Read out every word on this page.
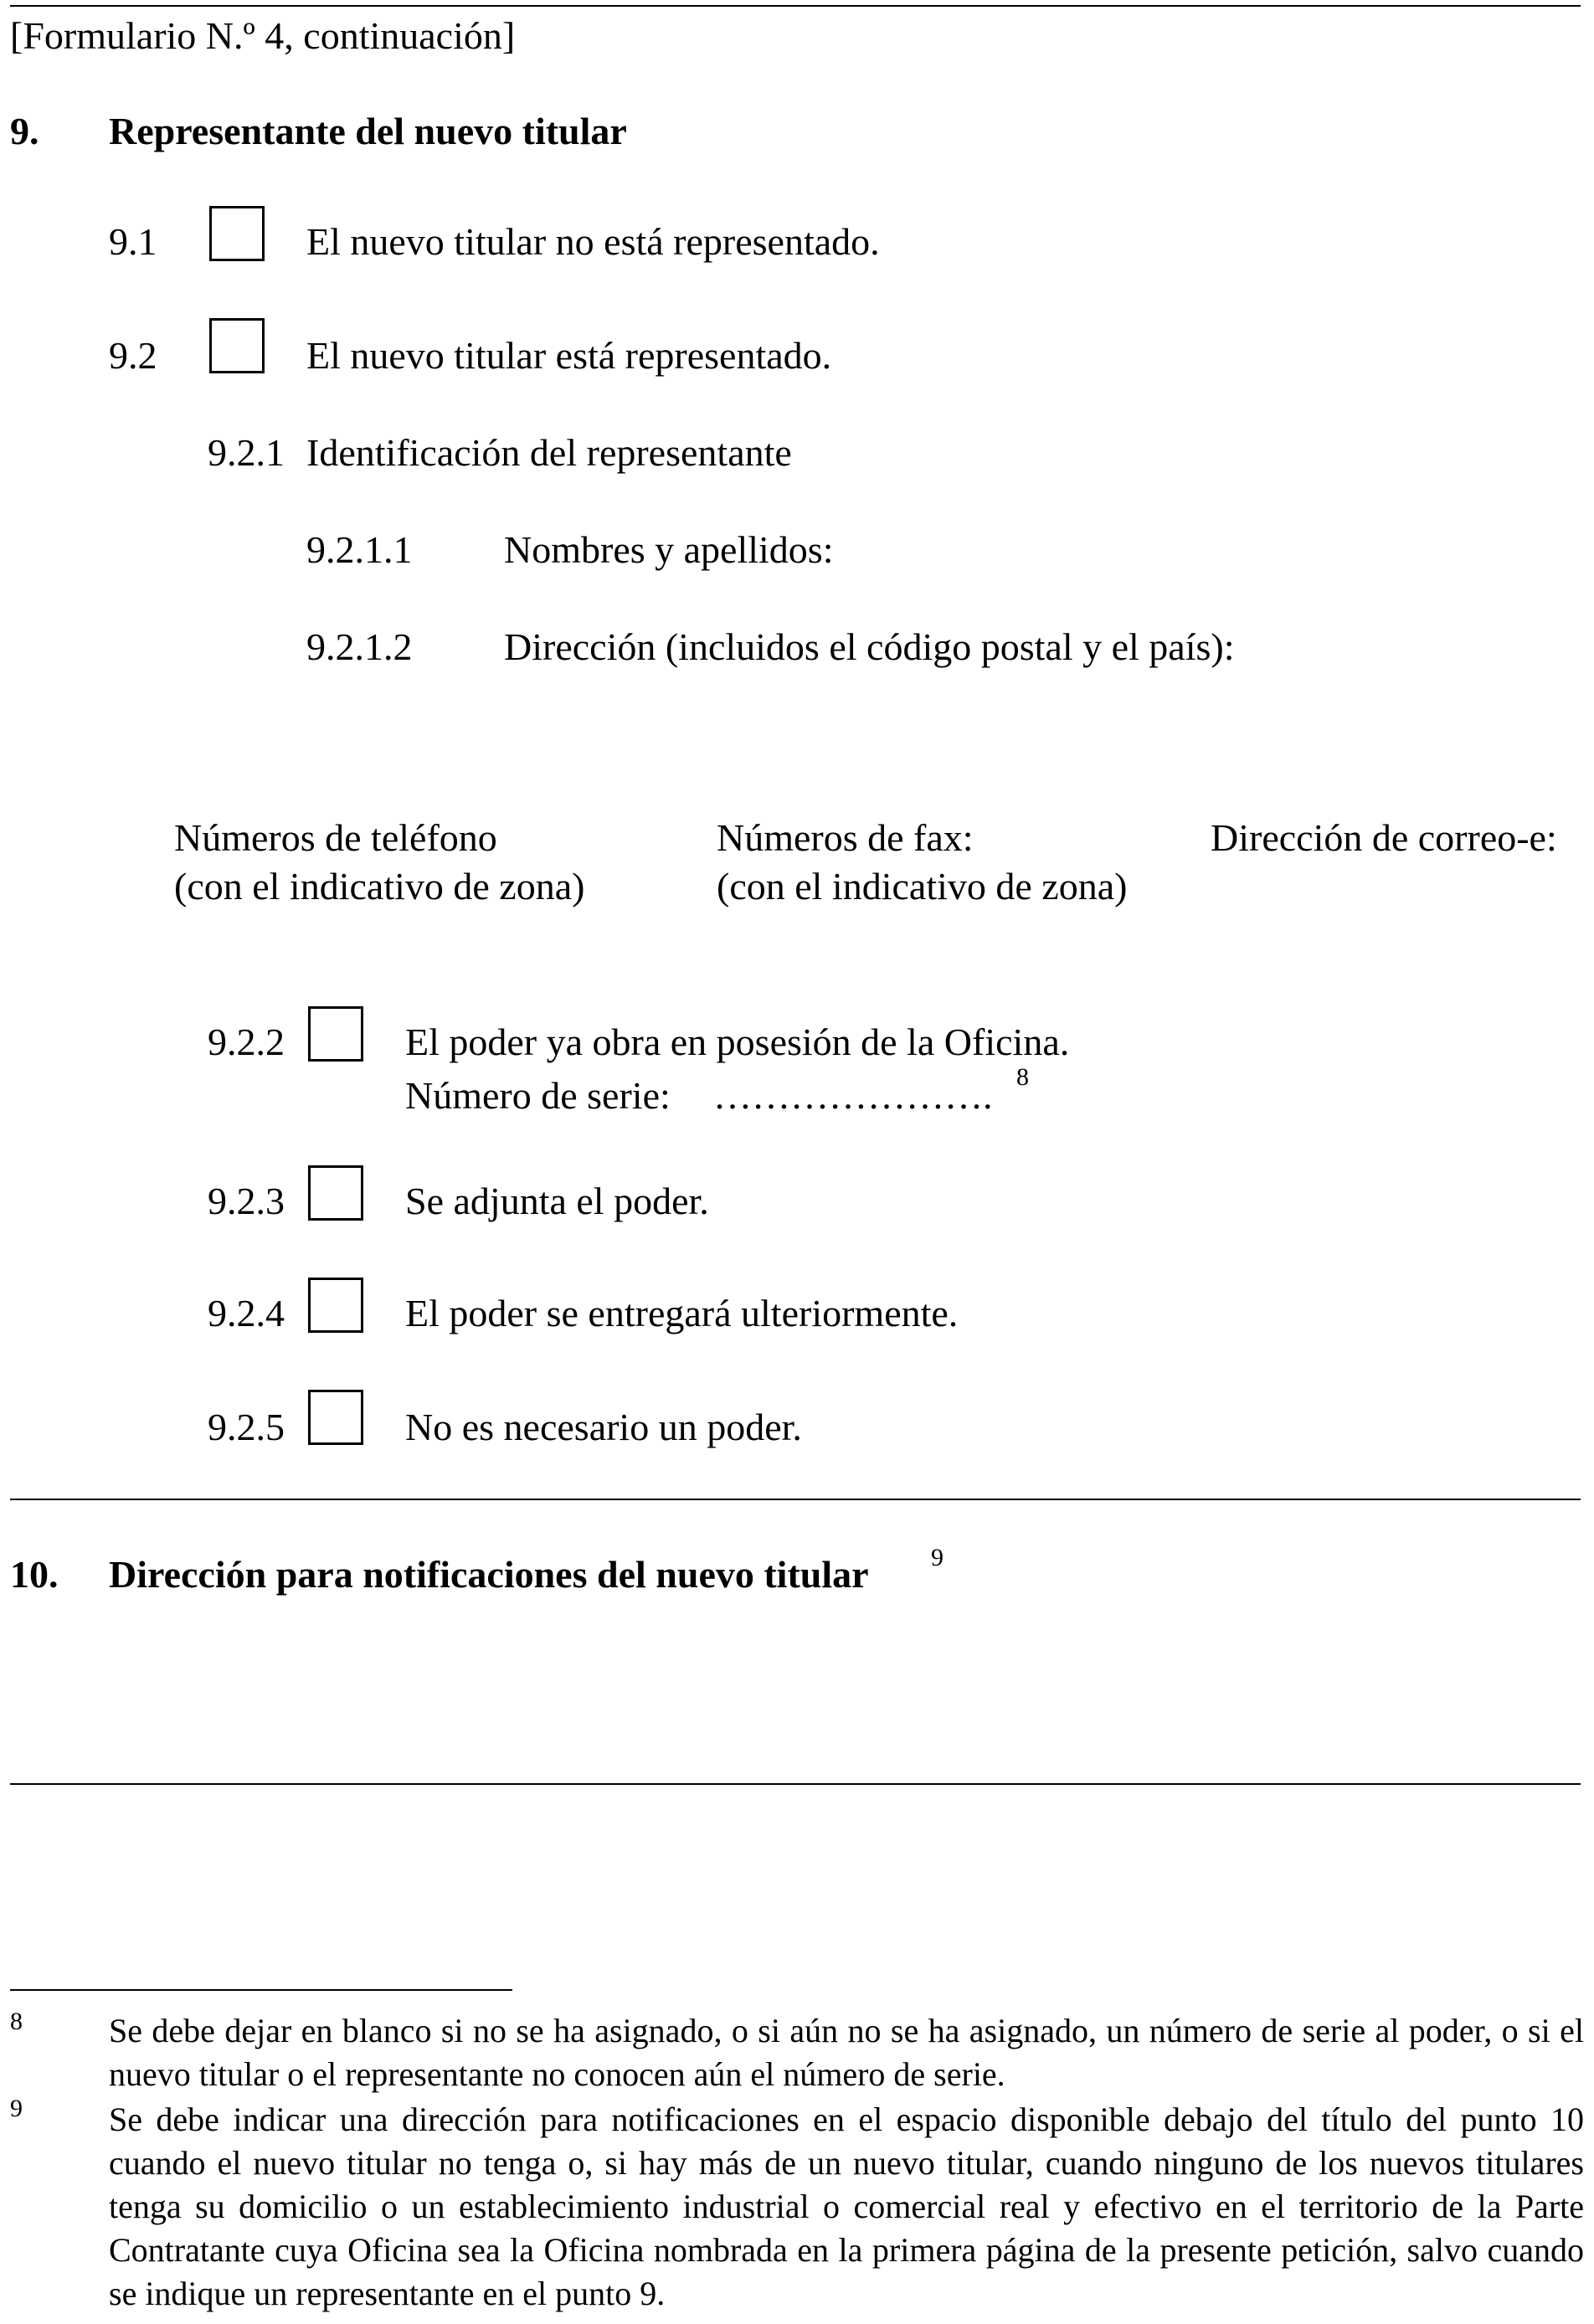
[Formulario N.º 4, continuación]
9. Representante del nuevo titular
9.1	El nuevo titular no está representado.
9.2	El nuevo titular está representado.
9.2.1 Identificación del representante
9.2.1.1 Nombres y apellidos:
9.2.1.2 Dirección (incluidos el código postal y el país):
Números de teléfono
(con el indicativo de zona)
Números de fax:
(con el indicativo de zona)
Dirección de correo-e:
9.2.2	El poder ya obra en posesión de la Oficina.
Número de serie: …………………. 8
9.2.3	Se adjunta el poder.
9.2.4	El poder se entregará ulteriormente.
9.2.5	No es necesario un poder.
10. Dirección para notificaciones del nuevo titular 9
8	Se debe dejar en blanco si no se ha asignado, o si aún no se ha asignado, un número de serie al poder, o si el nuevo titular o el representante no conocen aún el número de serie.
9	Se debe indicar una dirección para notificaciones en el espacio disponible debajo del título del punto 10 cuando el nuevo titular no tenga o, si hay más de un nuevo titular, cuando ninguno de los nuevos titulares tenga su domicilio o un establecimiento industrial o comercial real y efectivo en el territorio de la Parte Contratante cuya Oficina sea la Oficina nombrada en la primera página de la presente petición, salvo cuando se indique un representante en el punto 9.
